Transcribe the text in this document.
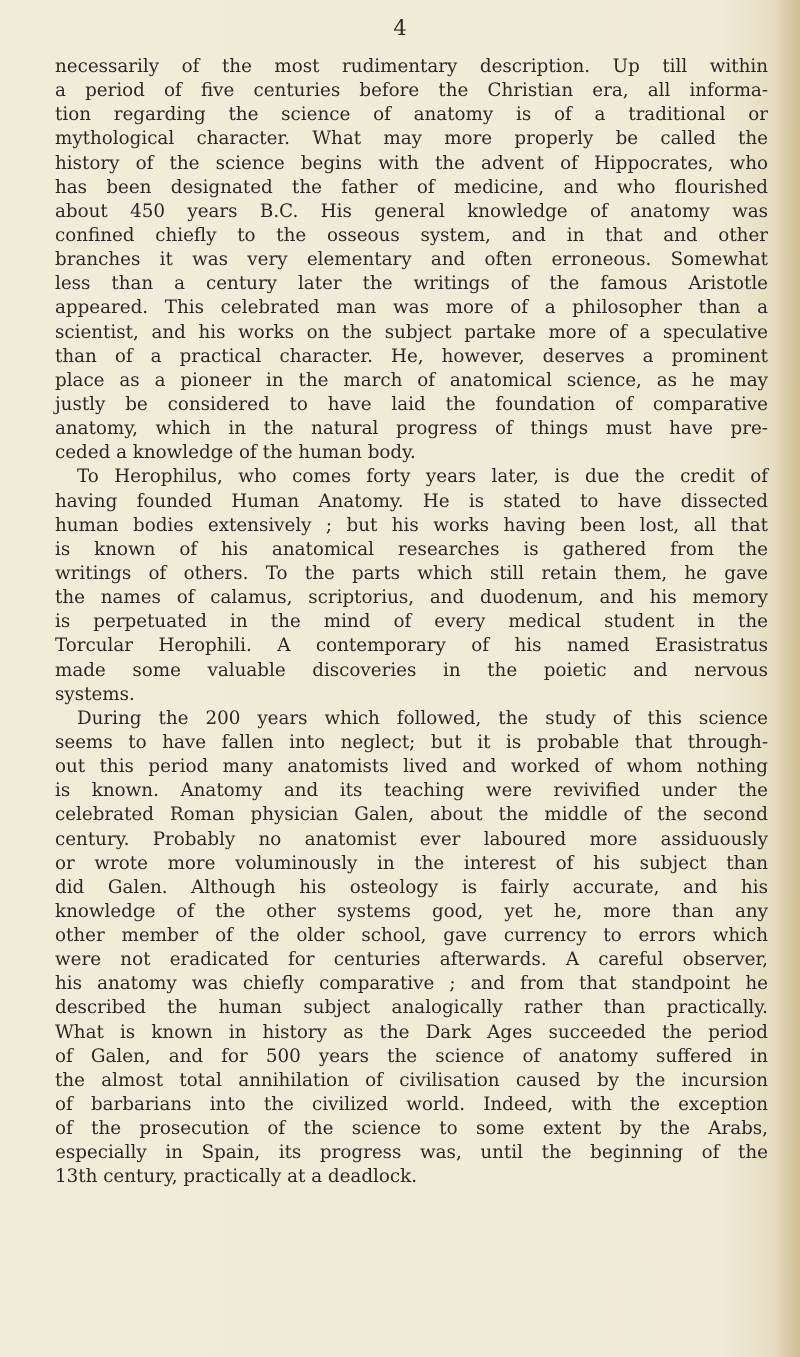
4

necessarily of the most rudimentary description. Up till within
a period of five centuries before the Christian era, all informa-
tion regarding the science of anatomy is of a traditional or
mythological character. What may more properly be called the
history of the science begins with the advent of Hippocrates, who
has been designated the father of medicine, and who flourished
about 450 years B.C. His general knowledge of anatomy was
confined chiefly to the osseous system, and in that and other
branches it was very elementary and often erroneous. Somewhat
less than a century later the writings of the famous Aristotle
appeared. This celebrated man was more of a philosopher than a
scientist, and his works on the subject partake more of a speculative
than of a practical character. He, however, deserves a prominent
place as a pioneer in the march of anatomical science, as he may
justly be considered to have laid the foundation of comparative
anatomy, which in the natural progress of things must have pre-
ceded a knowledge of the human body.
To Herophilus, who comes forty years later, is due the credit of
having founded Human Anatomy. He is stated to have dissected
human bodies extensively ; but his works having been lost, all that
is known of his anatomical researches is gathered from the
writings of others. To the parts which still retain them, he gave
the names of calamus, scriptorius, and duodenum, and his memory
is perpetuated in the mind of every medical student in the
Torcular Herophili. A contemporary of his named Erasistratus
made some valuable discoveries in the poietic and nervous
systems.
During the 200 years which followed, the study of this science
seems to have fallen into neglect; but it is probable that through-
out this period many anatomists lived and worked of whom nothing
is known. Anatomy and its teaching were revivified under the
celebrated Roman physician Galen, about the middle of the second
century. Probably no anatomist ever laboured more assiduously
or wrote more voluminously in the interest of his subject than
did Galen. Although his osteology is fairly accurate, and his
knowledge of the other systems good, yet he, more than any
other member of the older school, gave currency to errors which
were not eradicated for centuries afterwards. A careful observer,
his anatomy was chiefly comparative ; and from that standpoint he
described the human subject analogically rather than practically.
What is known in history as the Dark Ages succeeded the period
of Galen, and for 500 years the science of anatomy suffered in
the almost total annihilation of civilisation caused by the incursion
of barbarians into the civilized world. Indeed, with the exception
of the prosecution of the science to some extent by the Arabs,
especially in Spain, its progress was, until the beginning of the
13th century, practically at a deadlock.
